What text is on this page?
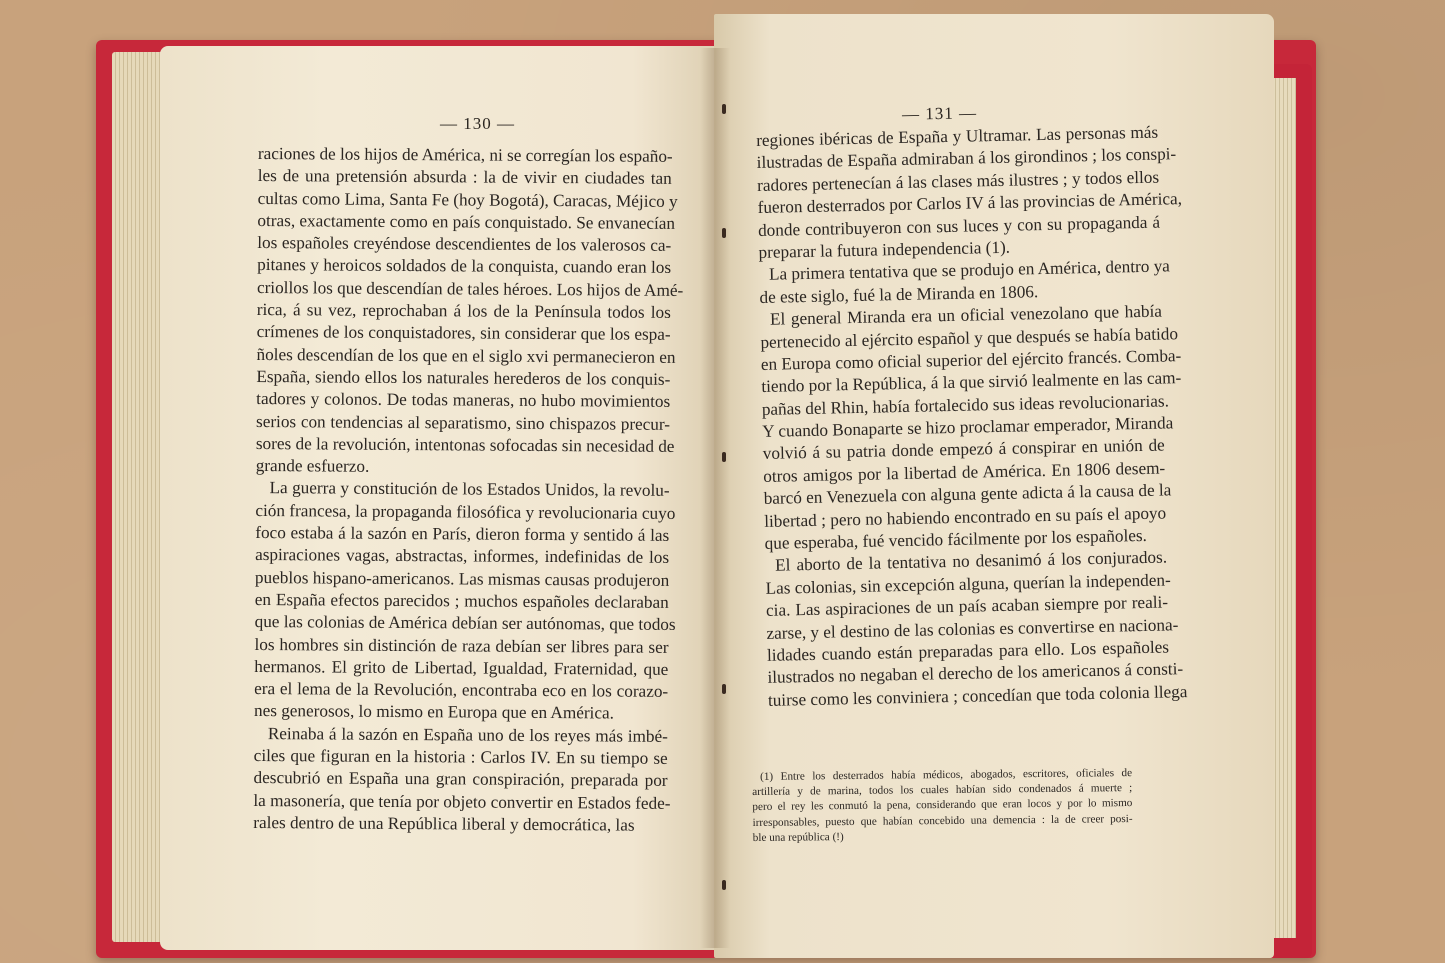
— 130 —	— 131 —
raciones de los hijos de América, ni se corregían los españo-
les de una pretensión absurda : la de vivir en ciudades tan
cultas como Lima, Santa Fe (hoy Bogotá), Caracas, Méjico y
otras, exactamente como en país conquistado. Se envanecían
los españoles creyéndose descendientes de los valerosos ca-
pitanes y heroicos soldados de la conquista, cuando eran los
criollos los que descendían de tales héroes. Los hijos de Amé-
rica, á su vez, reprochaban á los de la Península todos los
crímenes de los conquistadores, sin considerar que los espa-
ñoles descendían de los que en el siglo xvi permanecieron en
España, siendo ellos los naturales herederos de los conquis-
tadores y colonos. De todas maneras, no hubo movimientos
serios con tendencias al separatismo, sino chispazos precur-
sores de la revolución, intentonas sofocadas sin necesidad de
grande esfuerzo.
La guerra y constitución de los Estados Unidos, la revolu-
ción francesa, la propaganda filosófica y revolucionaria cuyo
foco estaba á la sazón en París, dieron forma y sentido á las
aspiraciones vagas, abstractas, informes, indefinidas de los
pueblos hispano-americanos. Las mismas causas produjeron
en España efectos parecidos ; muchos españoles declaraban
que las colonias de América debían ser autónomas, que todos
los hombres sin distinción de raza debían ser libres para ser
hermanos. El grito de Libertad, Igualdad, Fraternidad, que
era el lema de la Revolución, encontraba eco en los corazo-
nes generosos, lo mismo en Europa que en América.
Reinaba á la sazón en España uno de los reyes más imbé-
ciles que figuran en la historia : Carlos IV. En su tiempo se
descubrió en España una gran conspiración, preparada por
la masonería, que tenía por objeto convertir en Estados fede-
rales dentro de una República liberal y democrática, las
regiones ibéricas de España y Ultramar. Las personas más
ilustradas de España admiraban á los girondinos ; los conspi-
radores pertenecían á las clases más ilustres ; y todos ellos
fueron desterrados por Carlos IV á las provincias de América,
donde contribuyeron con sus luces y con su propaganda á
preparar la futura independencia (1).
La primera tentativa que se produjo en América, dentro ya
de este siglo, fué la de Miranda en 1806.
El general Miranda era un oficial venezolano que había
pertenecido al ejército español y que después se había batido
en Europa como oficial superior del ejército francés. Comba-
tiendo por la República, á la que sirvió lealmente en las cam-
pañas del Rhin, había fortalecido sus ideas revolucionarias.
Y cuando Bonaparte se hizo proclamar emperador, Miranda
volvió á su patria donde empezó á conspirar en unión de
otros amigos por la libertad de América. En 1806 desem-
barcó en Venezuela con alguna gente adicta á la causa de la
libertad ; pero no habiendo encontrado en su país el apoyo
que esperaba, fué vencido fácilmente por los españoles.
El aborto de la tentativa no desanimó á los conjurados.
Las colonias, sin excepción alguna, querían la independen-
cia. Las aspiraciones de un país acaban siempre por reali-
zarse, y el destino de las colonias es convertirse en naciona-
lidades cuando están preparadas para ello. Los españoles
ilustrados no negaban el derecho de los americanos á consti-
tuirse como les conviniera ; concedían que toda colonia llega
(1) Entre los desterrados había médicos, abogados, escritores, oficiales de
artillería y de marina, todos los cuales habían sido condenados á muerte ;
pero el rey les conmutó la pena, considerando que eran locos y por lo mismo
irresponsables, puesto que habían concebido una demencia : la de creer posi-
ble una república (!)
